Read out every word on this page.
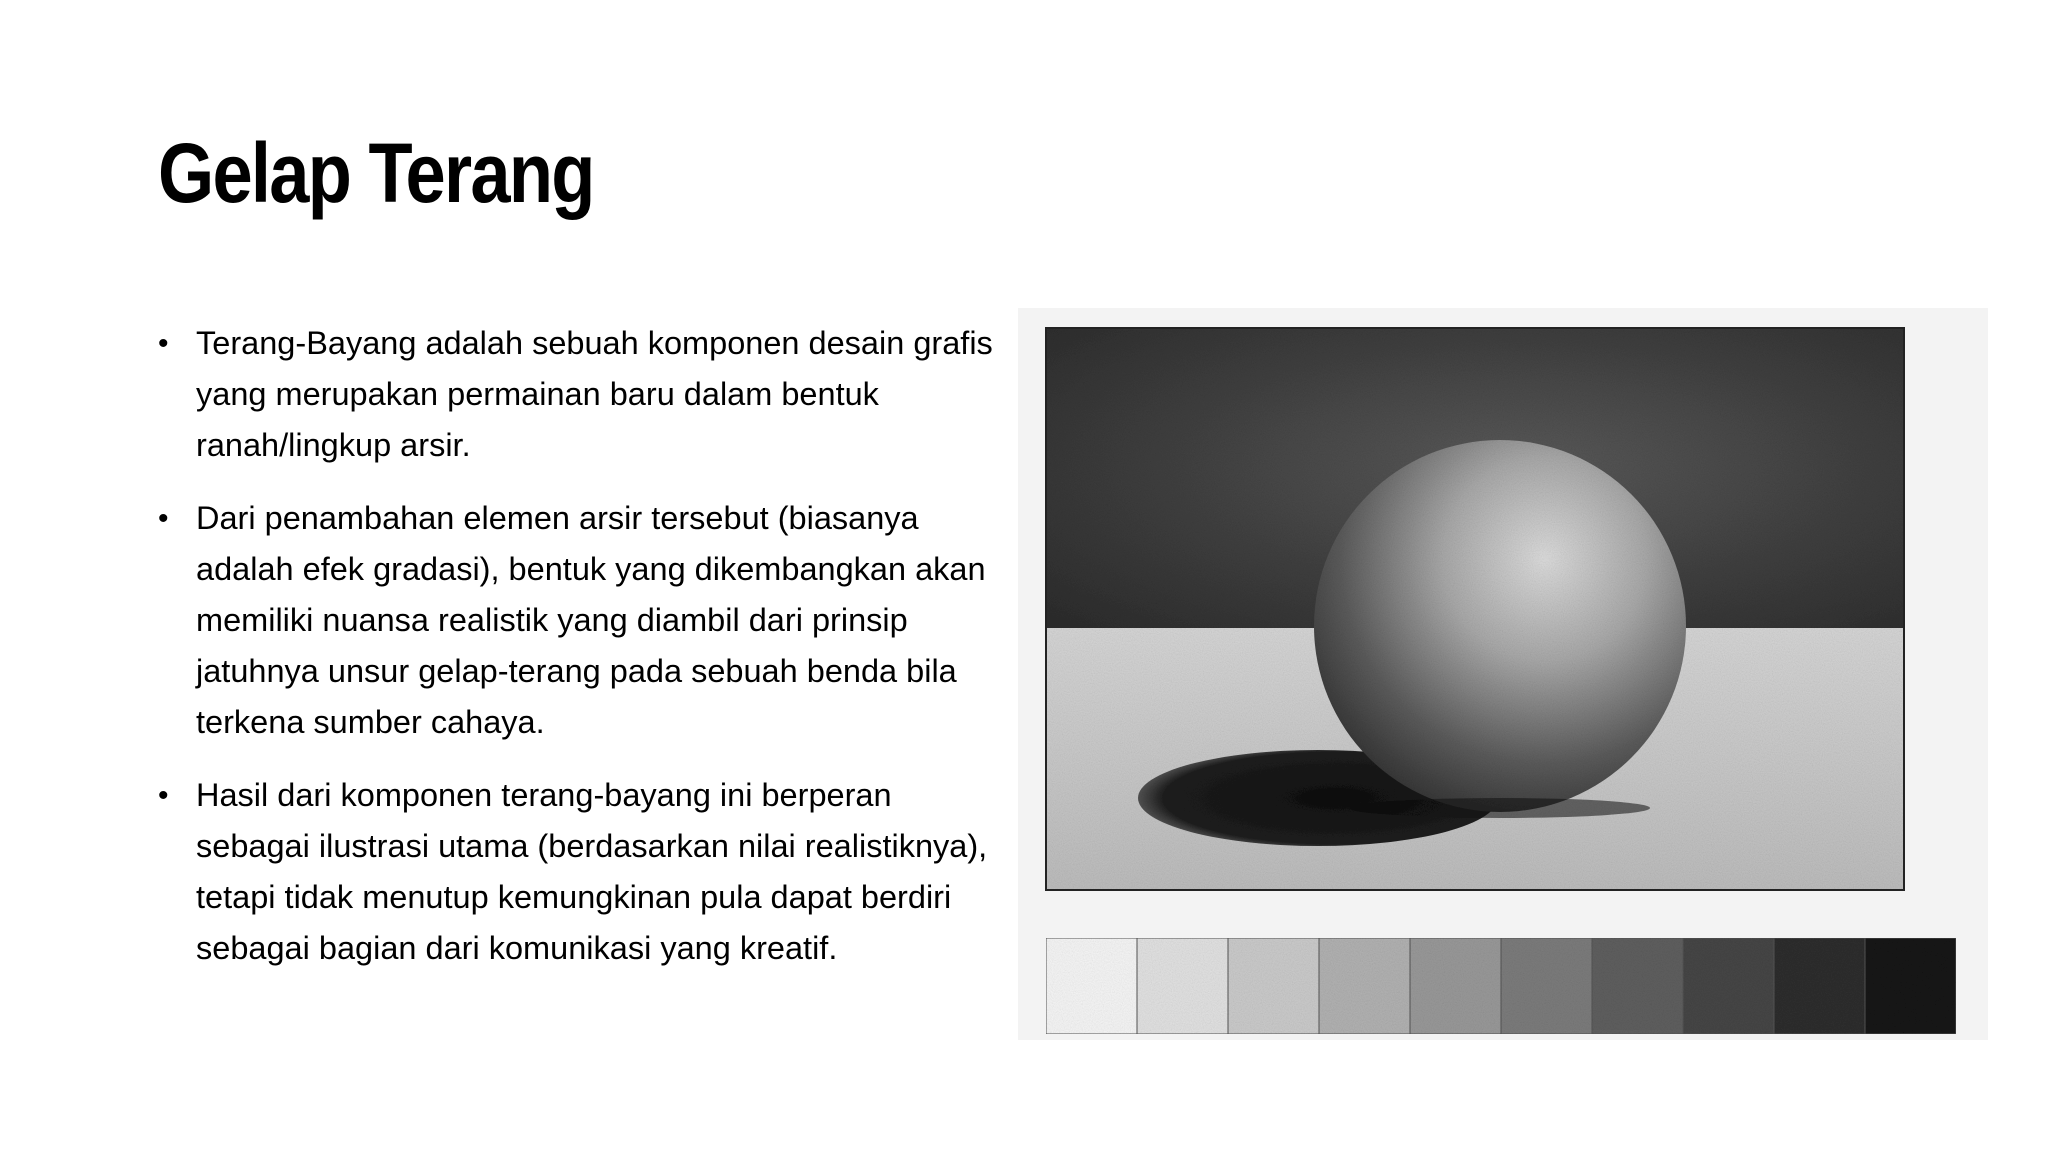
Gelap Terang
• Terang-Bayang adalah sebuah komponen desain grafis yang merupakan permainan baru dalam bentuk ranah/lingkup arsir.
• Dari penambahan elemen arsir tersebut (biasanya adalah efek gradasi), bentuk yang dikembangkan akan memiliki nuansa realistik yang diambil dari prinsip jatuhnya unsur gelap-terang pada sebuah benda bila terkena sumber cahaya.
• Hasil dari komponen terang-bayang ini berperan sebagai ilustrasi utama (berdasarkan nilai realistiknya), tetapi tidak menutup kemungkinan pula dapat berdiri sebagai bagian dari komunikasi yang kreatif.
